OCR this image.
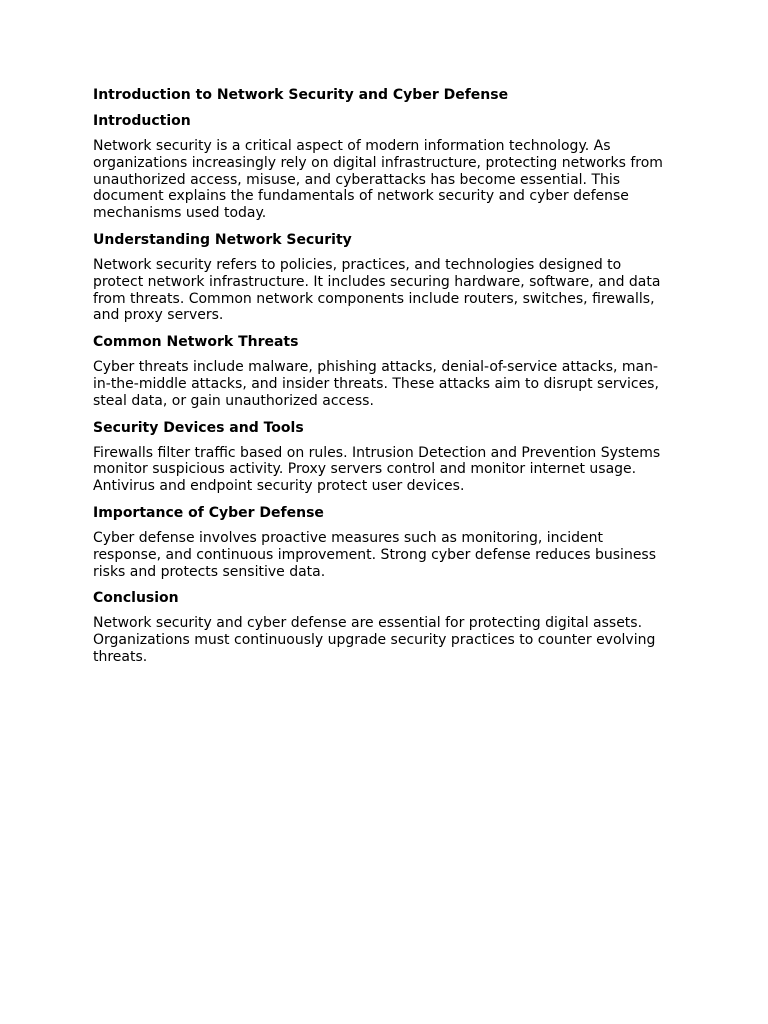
Introduction to Network Security and Cyber Defense
Introduction
Network security is a critical aspect of modern information technology. As organizations increasingly rely on digital infrastructure, protecting networks from unauthorized access, misuse, and cyberattacks has become essential. This document explains the fundamentals of network security and cyber defense mechanisms used today.
Understanding Network Security
Network security refers to policies, practices, and technologies designed to protect network infrastructure. It includes securing hardware, software, and data from threats. Common network components include routers, switches, firewalls, and proxy servers.
Common Network Threats
Cyber threats include malware, phishing attacks, denial-of-service attacks, man-in-the-middle attacks, and insider threats. These attacks aim to disrupt services, steal data, or gain unauthorized access.
Security Devices and Tools
Firewalls filter traffic based on rules. Intrusion Detection and Prevention Systems monitor suspicious activity. Proxy servers control and monitor internet usage. Antivirus and endpoint security protect user devices.
Importance of Cyber Defense
Cyber defense involves proactive measures such as monitoring, incident response, and continuous improvement. Strong cyber defense reduces business risks and protects sensitive data.
Conclusion
Network security and cyber defense are essential for protecting digital assets. Organizations must continuously upgrade security practices to counter evolving threats.
